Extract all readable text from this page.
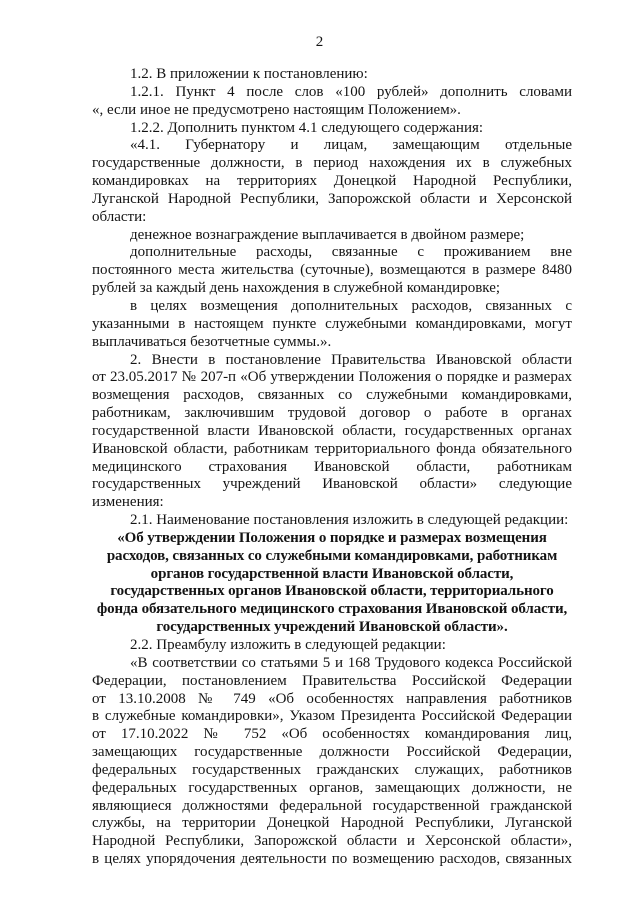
2
1.2. В приложении к постановлению:
1.2.1. Пункт 4 после слов «100 рублей» дополнить словами
«, если иное не предусмотрено настоящим Положением».
1.2.2. Дополнить пунктом 4.1 следующего содержания:
«4.1. Губернатору и лицам, замещающим отдельные
государственные должности, в период нахождения их в служебных
командировках на территориях Донецкой Народной Республики,
Луганской Народной Республики, Запорожской области и Херсонской
области:
денежное вознаграждение выплачивается в двойном размере;
дополнительные расходы, связанные с проживанием вне
постоянного места жительства (суточные), возмещаются в размере 8480
рублей за каждый день нахождения в служебной командировке;
в целях возмещения дополнительных расходов, связанных с
указанными в настоящем пункте служебными командировками, могут
выплачиваться безотчетные суммы.».
2. Внести в постановление Правительства Ивановской области
от 23.05.2017 № 207-п «Об утверждении Положения о порядке и размерах
возмещения расходов, связанных со служебными командировками,
работникам, заключившим трудовой договор о работе в органах
государственной власти Ивановской области, государственных органах
Ивановской области, работникам территориального фонда обязательного
медицинского страхования Ивановской области, работникам
государственных учреждений Ивановской области» следующие
изменения:
2.1. Наименование постановления изложить в следующей редакции:
«Об утверждении Положения о порядке и размерах возмещения
расходов, связанных со служебными командировками, работникам
органов государственной власти Ивановской области,
государственных органов Ивановской области, территориального
фонда обязательного медицинского страхования Ивановской области,
государственных учреждений Ивановской области».
2.2. Преамбулу изложить в следующей редакции:
«В соответствии со статьями 5 и 168 Трудового кодекса Российской
Федерации, постановлением Правительства Российской Федерации
от 13.10.2008 № 749 «Об особенностях направления работников
в служебные командировки», Указом Президента Российской Федерации
от 17.10.2022 № 752 «Об особенностях командирования лиц,
замещающих государственные должности Российской Федерации,
федеральных государственных гражданских служащих, работников
федеральных государственных органов, замещающих должности, не
являющиеся должностями федеральной государственной гражданской
службы, на территории Донецкой Народной Республики, Луганской
Народной Республики, Запорожской области и Херсонской области»,
в целях упорядочения деятельности по возмещению расходов, связанных
